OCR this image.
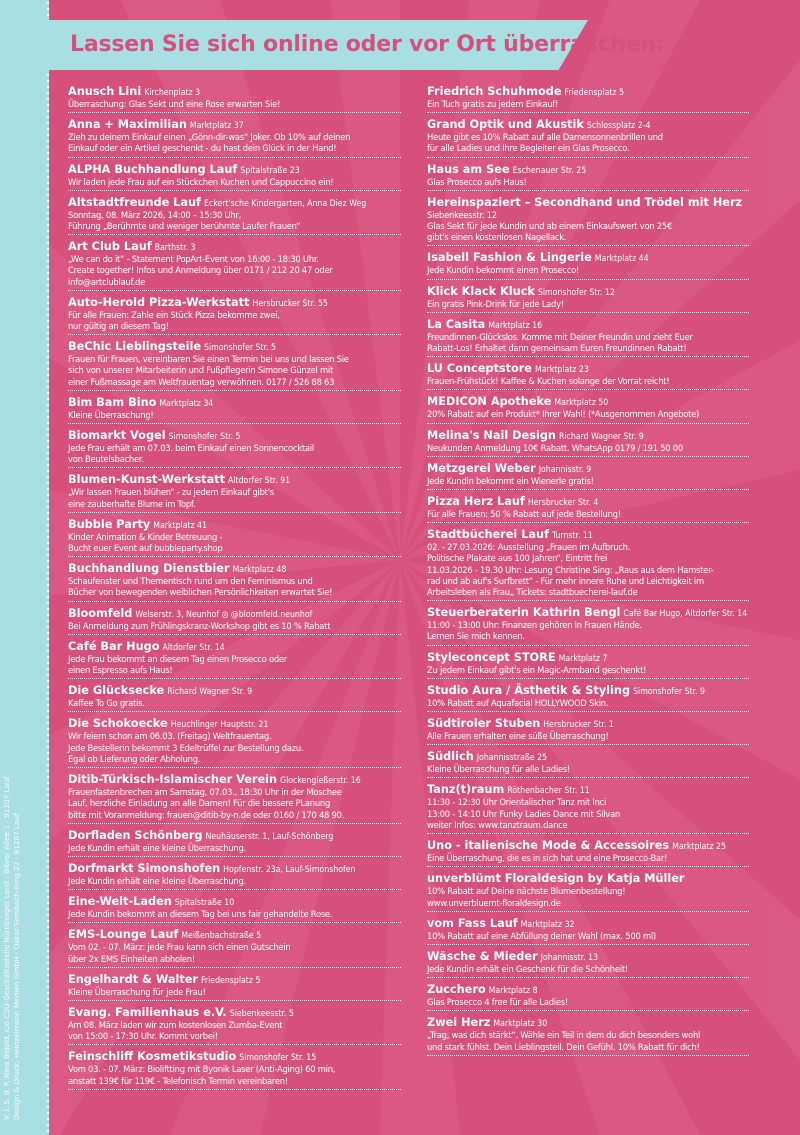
Lassen Sie sich online oder vor Ort überraschen:
V. i. S. d. P. Nina Bejold, c/o CSU-Geschäftsstelle Nürnberger Land · Bitver Allee 1 · 91207 Lauf Design & Druck: Heinzelmann Medien GmbH · Oskar-Sembach-Ring 22 · 91207 Lauf
Anusch Lini Kirchenplatz 3
Überraschung: Glas Sekt und eine Rose erwarten Sie!
Anna + Maximilian Marktplatz 37
Zieh zu deinem Einkauf einen „Gönn-dir-was“ Joker. Ob 10% auf deinen
Einkauf oder ein Artikel geschenkt - du hast dein Glück in der Hand!
ALPHA Buchhandlung Lauf Spitalstraße 23
Wir laden jede Frau auf ein Stückchen Kuchen und Cappuccino ein!
Altstadtfreunde Lauf Eckert'sche Kindergarten, Anna Diez Weg
Sonntag, 08. März 2026, 14:00 – 15:30 Uhr,
Führung „Berühmte und weniger berühmte Laufer Frauen“
Art Club Lauf Barthstr. 3
„We can do it“ - Statement PopArt-Event von 16:00 - 18:30 Uhr.
Create together! Infos und Anmeldung über 0171 / 212 20 47 oder
info@artclublauf.de
Auto-Herold Pizza-Werkstatt Hersbrucker Str. 55
Für alle Frauen: Zahle ein Stück Pizza bekomme zwei,
nur gültig an diesem Tag!
BeChic Lieblingsteile Simonshofer Str. 5
Frauen für Frauen, vereinbaren Sie einen Termin bei uns und lassen Sie
sich von unserer Mitarbeiterin und Fußpflegerin Simone Günzel mit
einer Fußmassage am Weltfrauentag verwöhnen. 0177 / 526 88 63
Bim Bam Bino Marktplatz 34
Kleine Überraschung!
Biomarkt Vogel Simonshofer Str. 5
Jede Frau erhält am 07.03. beim Einkauf einen Sonnencocktail
von Beutelsbacher.
Blumen-Kunst-Werkstatt Altdorfer Str. 91
„Wir lassen Frauen blühen“ - zu jedem Einkauf gibt's
eine zauberhafte Blume im Topf.
Bubble Party Marktplatz 41
Kinder Animation & Kinder Betreuung -
Bucht euer Event auf bubbleparty.shop
Buchhandlung Dienstbier Marktplatz 48
Schaufenster und Thementisch rund um den Feminismus und
Bücher von bewegenden weiblichen Persönlichkeiten erwartet Sie!
Bloomfeld Welserstr. 3, Neunhof ◎ @bloomfeld.neunhof
Bei Anmeldung zum Frühlingskranz-Workshop gibt es 10 % Rabatt
Café Bar Hugo Altdorfer Str. 14
Jede Frau bekommt an diesem Tag einen Prosecco oder
einen Espresso aufs Haus!
Die Glücksecke Richard Wagner Str. 9
Kaffee To Go gratis.
Die Schokoecke Heuchlinger Hauptstr. 21
Wir feiern schon am 06.03. (Freitag) Weltfrauentag.
Jede Bestellerin bekommt 3 Edeltrüffel zur Bestellung dazu.
Egal ob Lieferung oder Abholung.
Ditib-Türkisch-Islamischer Verein Glockengießerstr. 16
Frauenfastenbrechen am Samstag, 07.03., 18:30 Uhr in der Moschee
Lauf, herzliche Einladung an alle Damen! Für die bessere PLanung
bitte mit Voranmeldung: frauen@ditib-by-n.de oder 0160 / 170 48 90.
Dorfladen Schönberg Neuhäuserstr. 1, Lauf-Schönberg
Jede Kundin erhält eine kleine Überraschung.
Dorfmarkt Simonshofen Hopfenstr. 23a, Lauf-Simonshofen
Jede Kundin erhält eine kleine Überraschung.
Eine-Welt-Laden Spitalstraße 10
Jede Kundin bekommt an diesem Tag bei uns fair gehandelte Rose.
EMS-Lounge Lauf Meißenbachstraße 5
Vom 02. - 07. März: jede Frau kann sich einen Gutschein
über 2x EMS Einheiten abholen!
Engelhardt & Walter Friedensplatz 5
Kleine Überraschung für jede Frau!
Evang. Familienhaus e.V. Siebenkeesstr. 5
Am 08. März laden wir zum kostenlosen Zumba-Event
von 15:00 - 17:30 Uhr. Kommt vorbei!
Feinschliff Kosmetikstudio Simonshofer Str. 15
Vom 03. - 07. März: Bioliftting mit Byonik Laser (Anti-Aging) 60 min,
anstatt 139€ für 119€ - Telefonisch Termin vereinbaren!
Friedrich Schuhmode Friedensplatz 5
Ein Tuch gratis zu jedem Einkauf!
Grand Optik und Akustik Schlossplatz 2-4
Heute gibt es 10% Rabatt auf alle Damensonnenbrillen und
für alle Ladies und Ihre Begleiter ein Glas Prosecco.
Haus am See Eschenauer Str. 25
Glas Prosecco aufs Haus!
Hereinspaziert – Secondhand und Trödel mit Herz
Siebenkeesstr. 12
Glas Sekt für jede Kundin und ab einem Einkaufswert von 25€
gibt's einen kostenlosen Nagellack.
Isabell Fashion & Lingerie Marktplatz 44
Jede Kundin bekommt einen Prosecco!
Klick Klack Kluck Simonshofer Str. 12
Ein gratis Pink-Drink für jede Lady!
La Casita Marktplatz 16
Freundinnen-Glückslos. Komme mit Deiner Freundin und zieht Euer
Rabatt-Los! Erhaltet dann gemeinsam Euren Freundinnen Rabatt!
LU Conceptstore Marktplatz 23
Frauen-Frühstück! Kaffee & Kuchen solange der Vorrat reicht!
MEDICON Apotheke Marktplatz 50
20% Rabatt auf ein Produkt* Ihrer Wahl! (*Ausgenommen Angebote)
Melina's Nail Design Richard Wagner Str. 9
Neukunden Anmeldung 10€ Rabatt. WhatsApp 0179 / 191 50 00
Metzgerei Weber Johannisstr. 9
Jede Kundin bekommt ein Wienerle gratis!
Pizza Herz Lauf Hersbrucker Str. 4
Für alle Frauen: 50 % Rabatt auf jede Bestellung!
Stadtbücherei Lauf Turnstr. 11
02. - 27.03.2026: Ausstellung „Frauen im Aufbruch.
Politische Plakate aus 100 Jahren“, Eintritt frei
11.03.2026 - 19.30 Uhr: Lesung Christine Sing: „Raus aus dem Hamster-
rad und ab auf's Surfbrett“ - Für mehr innere Ruhe und Leichtigkeit im
Arbeitsleben als Frau„ Tickets: stadtbuecherei-lauf.de
Steuerberaterin Kathrin Bengl Café Bar Hugo, Altdorfer Str. 14
11:00 - 13:00 Uhr: Finanzen gehören in Frauen Hände.
Lernen Sie mich kennen.
Styleconcept STORE Marktplatz 7
Zu jedem Einkauf gibt's ein Magic-Armband geschenkt!
Studio Aura / Ästhetik & Styling Simonshofer Str. 9
10% Rabatt auf Aquafacial HOLLYWOOD Skin.
Südtiroler Stuben Hersbrucker Str. 1
Alle Frauen erhalten eine süße Überraschung!
Südlich Johannisstraße 25
Kleine Überraschung für alle Ladies!
Tanz(t)raum Röthenbacher Str. 11
11:30 - 12:30 Uhr Orientalischer Tanz mit Inci
13:00 - 14:10 Uhr Funky Ladies Dance mit Silvan
weiter Infos: www.tanztraum.dance
Uno - italienische Mode & Accessoires Marktplatz 25
Eine Überraschung, die es in sich hat und eine Prosecco-Bar!
unverblümt Floraldesign by Katja Müller
10% Rabatt auf Deine nächste Blumenbestellung!
www.unverbluemt-floraldesign.de
vom Fass Lauf Marktplatz 32
10% Rabatt auf eine Abfüllung deiner Wahl (max. 500 ml)
Wäsche & Mieder Johannisstr. 13
Jede Kundin erhält ein Geschenk für die Schönheit!
Zucchero Marktplatz 8
Glas Prosecco 4 free für alle Ladies!
Zwei Herz Marktplatz 30
„Trag, was dich stärkt“. Wähle ein Teil in dem du dich besonders wohl
und stark fühlst. Dein Lieblingsteil. Dein Gefühl. 10% Rabatt für dich!
